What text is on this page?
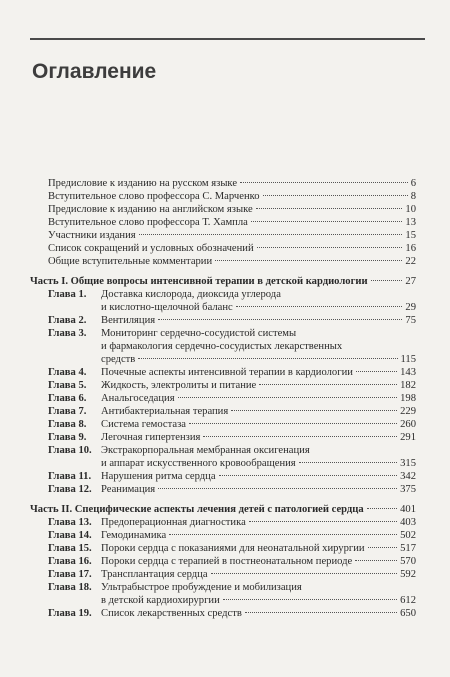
Оглавление
Предисловие к изданию на русском языке	6
Вступительное слово профессора С. Марченко	8
Предисловие к изданию на английском языке	10
Вступительное слово профессора Т. Хампла	13
Участники издания	15
Список сокращений и условных обозначений	16
Общие вступительные комментарии	22
Часть I. Общие вопросы интенсивной терапии в детской кардиологии	27
Глава 1.	Доставка кислорода, диоксида углерода
и кислотно-щелочной баланс	29
Глава 2.	Вентиляция	75
Глава 3.	Мониторинг сердечно-сосудистой системы
и фармакология сердечно-сосудистых лекарственных
средств	115
Глава 4.	Почечные аспекты интенсивной терапии в кардиологии	143
Глава 5.	Жидкость, электролиты и питание	182
Глава 6.	Анальгоседация	198
Глава 7.	Антибактериальная терапия	229
Глава 8.	Система гемостаза	260
Глава 9.	Легочная гипертензия	291
Глава 10. Экстракорпоральная мембранная оксигенация
и аппарат искусственного кровообращения	315
Глава 11. Нарушения ритма сердца	342
Глава 12. Реанимация	375
Часть II. Специфические аспекты лечения детей с патологией сердца	401
Глава 13. Предоперационная диагностика	403
Глава 14. Гемодинамика	502
Глава 15. Пороки сердца с показаниями для неонатальной хирургии	517
Глава 16. Пороки сердца с терапией в постнеонатальном периоде	570
Глава 17. Трансплантация сердца	592
Глава 18. Ультрабыстрое пробуждение и мобилизация
в детской кардиохирургии	612
Глава 19. Список лекарственных средств	650
